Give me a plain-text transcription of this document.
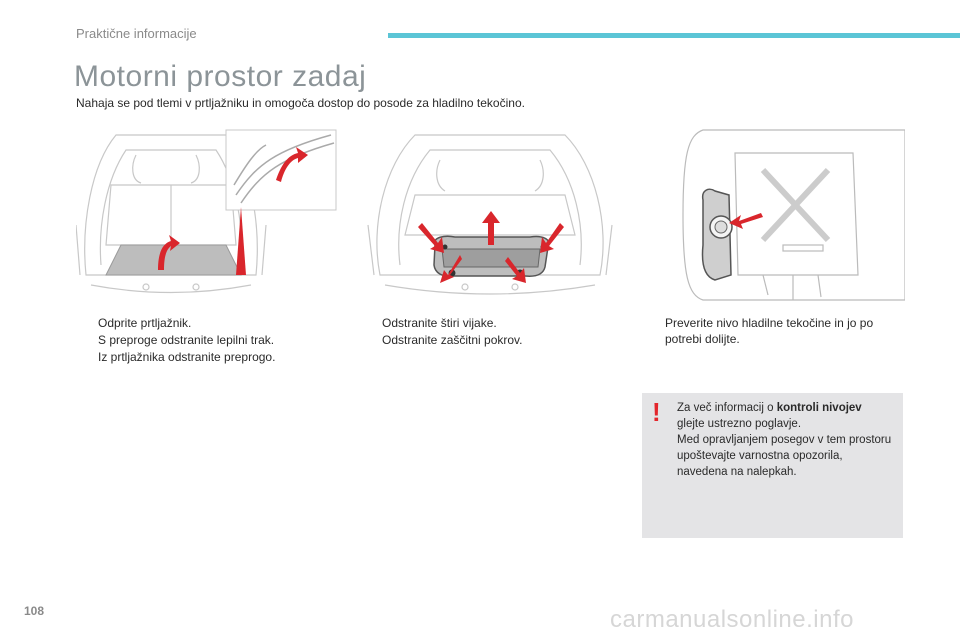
Praktične informacije
Motorni prostor zadaj
Nahaja se pod tlemi v prtljažniku in omogoča dostop do posode za hladilno tekočino.
Odprite prtljažnik.
S preproge odstranite lepilni trak.
Iz prtljažnika odstranite preprogo.
Odstranite štiri vijake.
Odstranite zaščitni pokrov.
Preverite nivo hladilne tekočine in jo po potrebi dolijte.
! Za več informacij o kontroli nivojev
glejte ustrezno poglavje.
Med opravljanjem posegov v tem prostoru upoštevajte varnostna opozorila, navedena na nalepkah.
108	carmanualsonline.info
